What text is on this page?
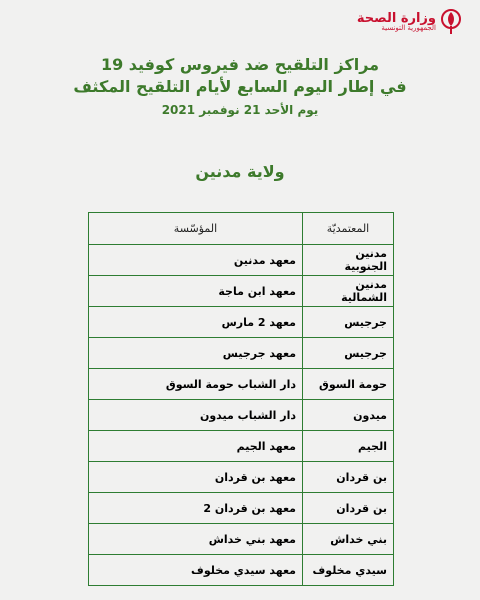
وزارة الصحة
الجمهورية التونسية
مراكز التلقيح ضد فيروس كوفيد 19
في إطار اليوم السابع لأيام التلقيح المكثف
يوم الأحد 21 نوفمبر 2021
ولاية مدنين
المعتمديّة	المؤسّسة
مدنين الجنوبية	معهد مدنين
مدنين الشمالية	معهد ابن ماجة
جرجيس	معهد 2 مارس
جرجيس	معهد جرجيس
حومة السوق	دار الشباب حومة السوق
ميدون	دار الشباب ميدون
الجيم	معهد الجيم
بن قردان	معهد بن قردان
بن قردان	معهد بن قردان 2
بني خداش	معهد بني خداش
سيدي مخلوف	معهد سيدي مخلوف
